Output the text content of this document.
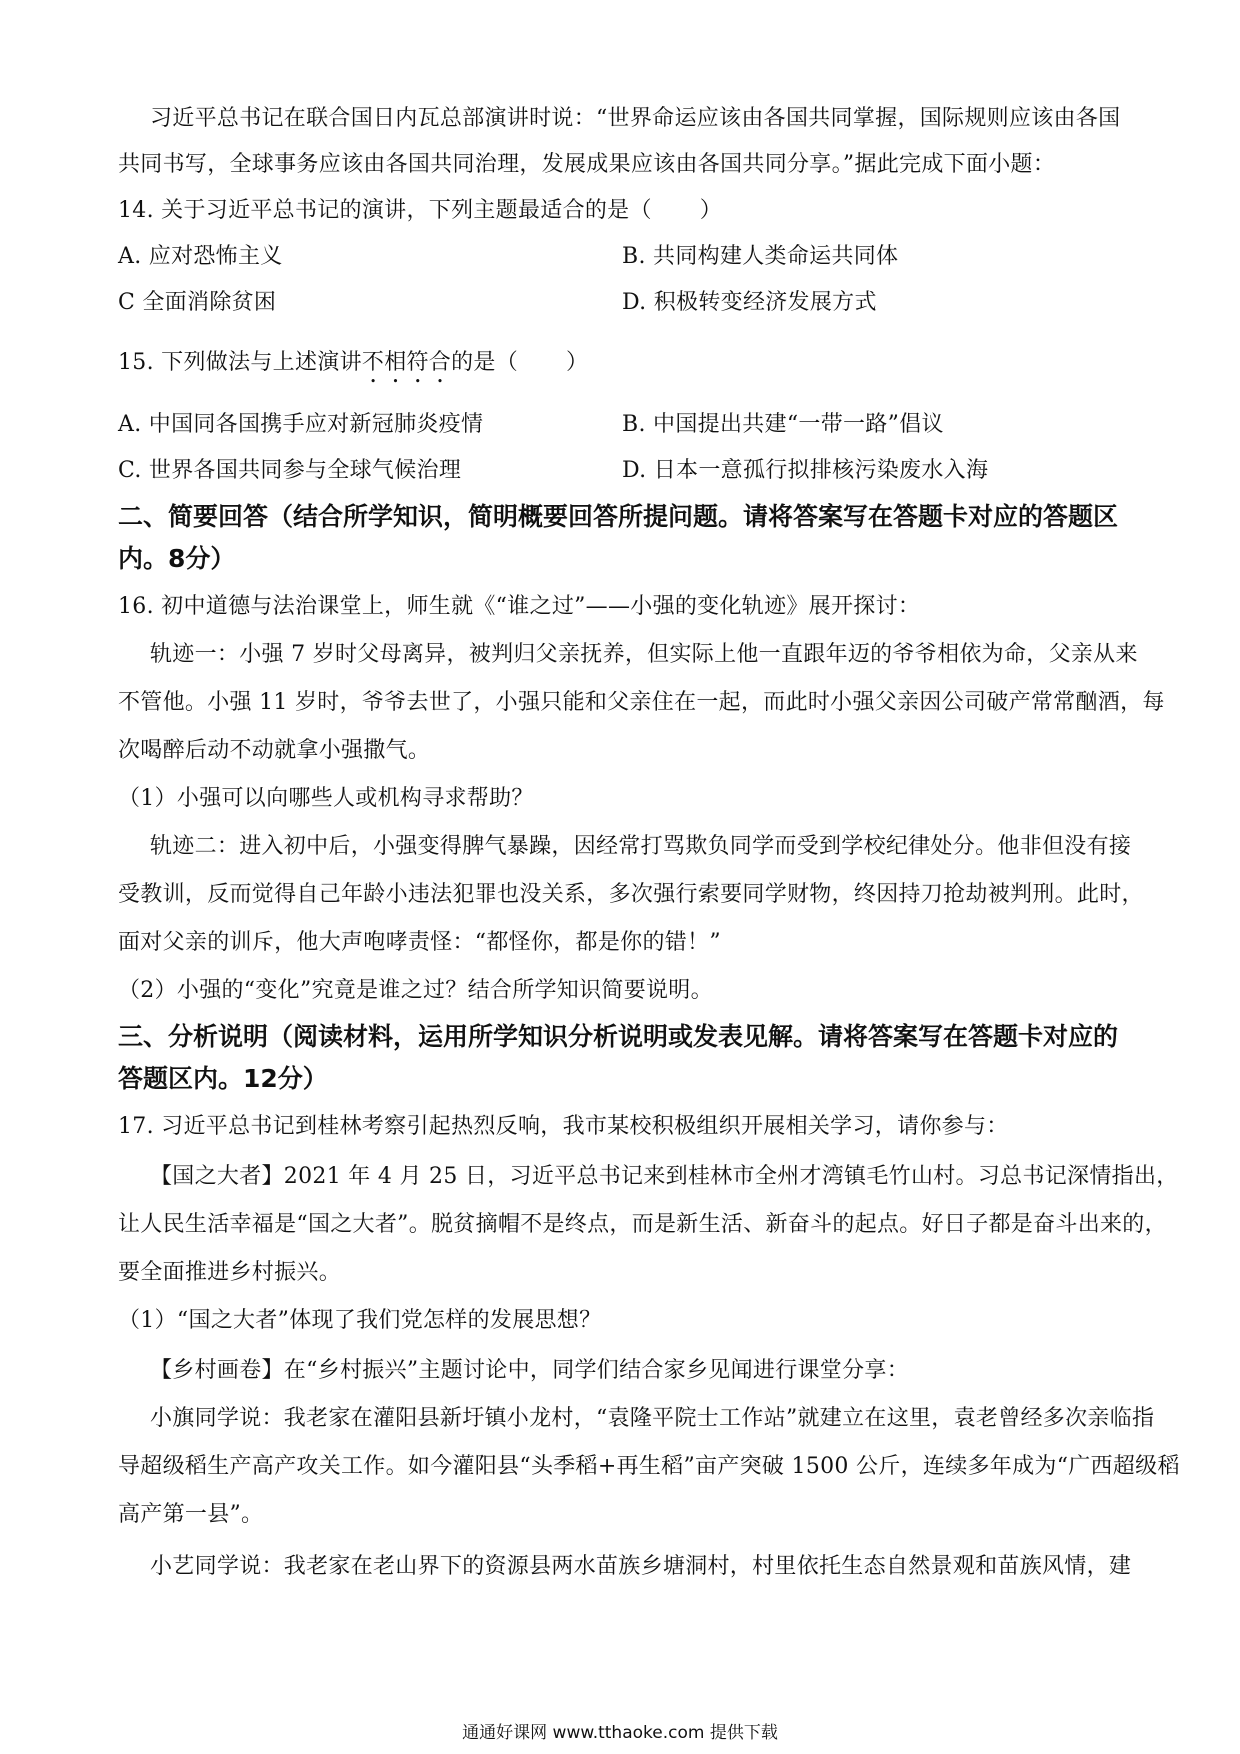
习近平总书记在联合国日内瓦总部演讲时说：“世界命运应该由各国共同掌握，国际规则应该由各国
共同书写，全球事务应该由各国共同治理，发展成果应该由各国共同分享。”据此完成下面小题：
14. 关于习近平总书记的演讲，下列主题最适合的是（ ）
A. 应对恐怖主义	B. 共同构建人类命运共同体
C 全面消除贫困	D. 积极转变经济发展方式
15. 下列做法与上述演讲不相符合的是（ ）
A. 中国同各国携手应对新冠肺炎疫情	B. 中国提出共建“一带一路”倡议
C. 世界各国共同参与全球气候治理	D. 日本一意孤行拟排核污染废水入海
二、简要回答（结合所学知识，简明概要回答所提问题。请将答案写在答题卡对应的答题区
内。8分）
16. 初中道德与法治课堂上，师生就《“谁之过”——小强的变化轨迹》展开探讨：
轨迹一：小强 7 岁时父母离异，被判归父亲抚养，但实际上他一直跟年迈的爷爷相依为命，父亲从来
不管他。小强 11 岁时，爷爷去世了，小强只能和父亲住在一起，而此时小强父亲因公司破产常常酗酒，每
次喝醉后动不动就拿小强撒气。
（1）小强可以向哪些人或机构寻求帮助？
轨迹二：进入初中后，小强变得脾气暴躁，因经常打骂欺负同学而受到学校纪律处分。他非但没有接
受教训，反而觉得自己年龄小违法犯罪也没关系，多次强行索要同学财物，终因持刀抢劫被判刑。此时，
面对父亲的训斥，他大声咆哮责怪：“都怪你，都是你的错！”
（2）小强的“变化”究竟是谁之过？结合所学知识简要说明。
三、分析说明（阅读材料，运用所学知识分析说明或发表见解。请将答案写在答题卡对应的
答题区内。12分）
17. 习近平总书记到桂林考察引起热烈反响，我市某校积极组织开展相关学习，请你参与：
【国之大者】2021 年 4 月 25 日，习近平总书记来到桂林市全州才湾镇毛竹山村。习总书记深情指出，
让人民生活幸福是“国之大者”。脱贫摘帽不是终点，而是新生活、新奋斗的起点。好日子都是奋斗出来的，
要全面推进乡村振兴。
（1）“国之大者”体现了我们党怎样的发展思想？
【乡村画卷】在“乡村振兴”主题讨论中，同学们结合家乡见闻进行课堂分享：
小旗同学说：我老家在灌阳县新圩镇小龙村，“袁隆平院士工作站”就建立在这里，袁老曾经多次亲临指
导超级稻生产高产攻关工作。如今灌阳县“头季稻+再生稻”亩产突破 1500 公斤，连续多年成为“广西超级稻
高产第一县”。
小艺同学说：我老家在老山界下的资源县两水苗族乡塘洞村，村里依托生态自然景观和苗族风情，建
通通好课网 www.tthaoke.com 提供下载
